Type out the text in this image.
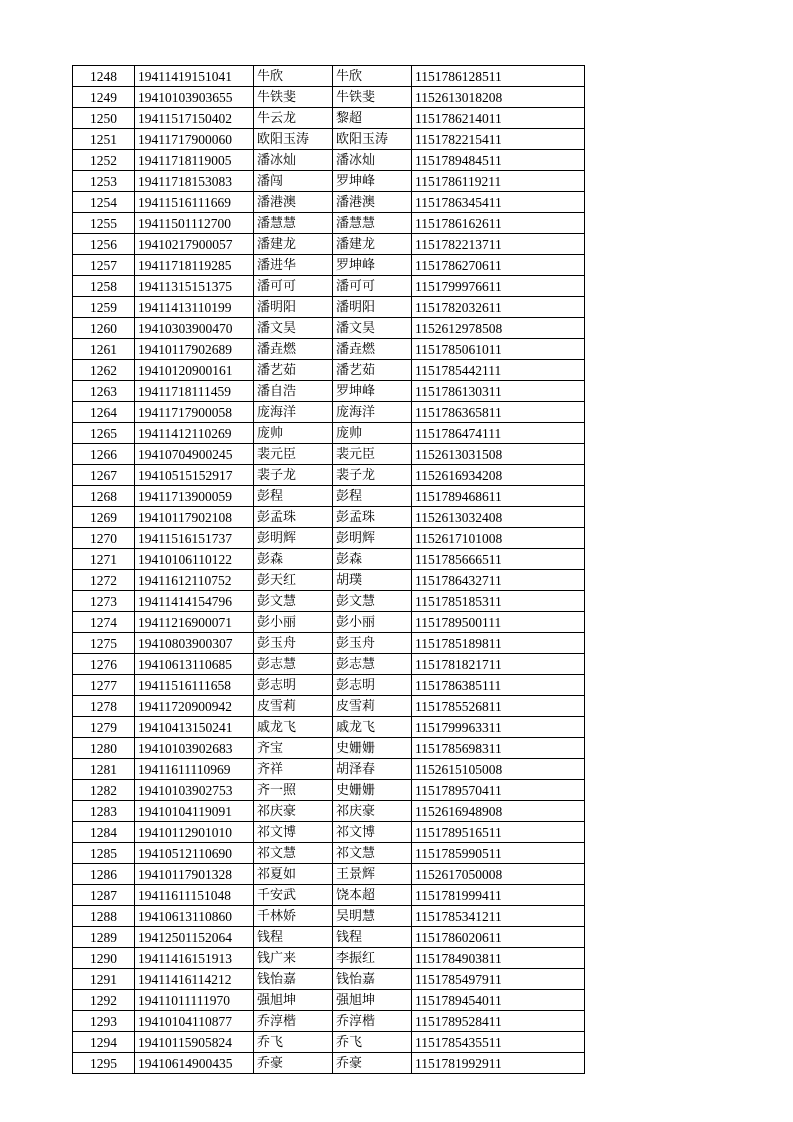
1248	19411419151041	牛欣	牛欣	1151786128511
1249	19410103903655	牛铁斐	牛铁斐	1152613018208
1250	19411517150402	牛云龙	黎超	1151786214011
1251	19411717900060	欧阳玉涛	欧阳玉涛	1151782215411
1252	19411718119005	潘冰灿	潘冰灿	1151789484511
1253	19411718153083	潘闯	罗坤峰	1151786119211
1254	19411516111669	潘港澳	潘港澳	1151786345411
1255	19411501112700	潘慧慧	潘慧慧	1151786162611
1256	19410217900057	潘建龙	潘建龙	1151782213711
1257	19411718119285	潘进华	罗坤峰	1151786270611
1258	19411315151375	潘可可	潘可可	1151799976611
1259	19411413110199	潘明阳	潘明阳	1151782032611
1260	19410303900470	潘文昊	潘文昊	1152612978508
1261	19410117902689	潘垚燃	潘垚燃	1151785061011
1262	19410120900161	潘艺茹	潘艺茹	1151785442111
1263	19411718111459	潘自浩	罗坤峰	1151786130311
1264	19411717900058	庞海洋	庞海洋	1151786365811
1265	19411412110269	庞帅	庞帅	1151786474111
1266	19410704900245	裴元臣	裴元臣	1152613031508
1267	19410515152917	裴子龙	裴子龙	1152616934208
1268	19411713900059	彭程	彭程	1151789468611
1269	19410117902108	彭孟珠	彭孟珠	1152613032408
1270	19411516151737	彭明辉	彭明辉	1152617101008
1271	19410106110122	彭森	彭森	1151785666511
1272	19411612110752	彭天红	胡璞	1151786432711
1273	19411414154796	彭文慧	彭文慧	1151785185311
1274	19411216900071	彭小丽	彭小丽	1151789500111
1275	19410803900307	彭玉舟	彭玉舟	1151785189811
1276	19410613110685	彭志慧	彭志慧	1151781821711
1277	19411516111658	彭志明	彭志明	1151786385111
1278	19411720900942	皮雪莉	皮雪莉	1151785526811
1279	19410413150241	戚龙飞	戚龙飞	1151799963311
1280	19410103902683	齐宝	史姗姗	1151785698311
1281	19411611110969	齐祥	胡泽春	1152615105008
1282	19410103902753	齐一照	史姗姗	1151789570411
1283	19410104119091	祁庆豪	祁庆豪	1152616948908
1284	19410112901010	祁文博	祁文博	1151789516511
1285	19410512110690	祁文慧	祁文慧	1151785990511
1286	19410117901328	祁夏如	王景辉	1152617050008
1287	19411611151048	千安武	饶本超	1151781999411
1288	19410613110860	千林娇	吴明慧	1151785341211
1289	19412501152064	钱程	钱程	1151786020611
1290	19411416151913	钱广来	李振红	1151784903811
1291	19411416114212	钱怡嘉	钱怡嘉	1151785497911
1292	19411011111970	强旭坤	强旭坤	1151789454011
1293	19410104110877	乔淳楷	乔淳楷	1151789528411
1294	19410115905824	乔飞	乔飞	1151785435511
1295	19410614900435	乔豪	乔豪	1151781992911
